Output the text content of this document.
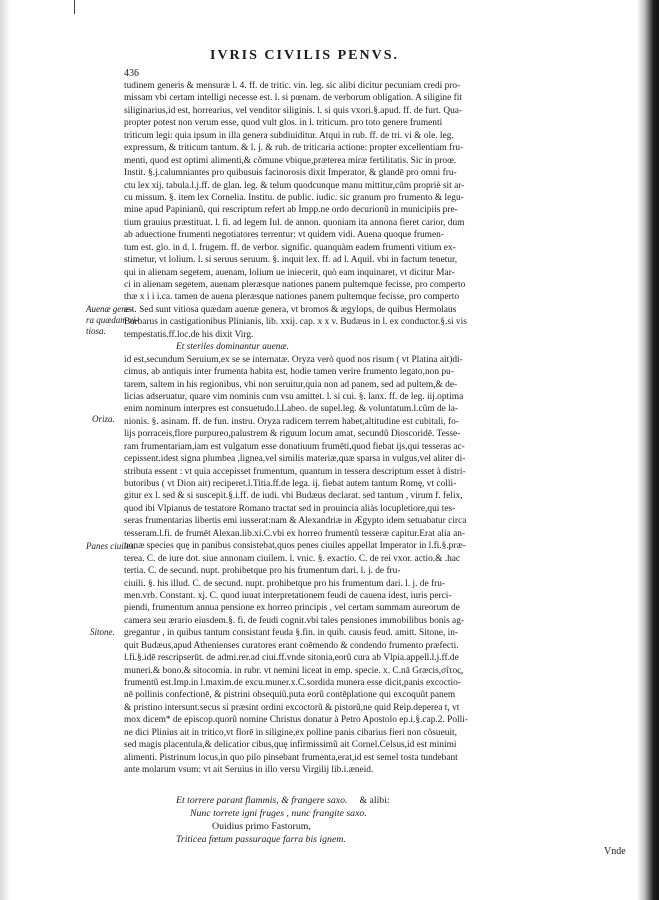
IVRIS CIVILIS PENVS.
436
Auenæ gene-
ra quædam vi-
tiosa.
Oriza.
Panes ciuiles.
Sitone.
tudinem generis & mensuræ l. 4. ff. de tritic. vin. leg. sic alibi dicitur pecuniam credi pro-
missam vbi certam intelligi necesse est. l. si pœnam. de verborum obligation. A siligine fit
siliginarius,id est, horrearius, vel venditor siliginis. l. si quis vxori.§.apud. ff. de furt. Qua-
propter potest non verum esse, quod vult glos. in l. triticum. pro toto genere frumenti
triticum legi: quia ipsum in illa genera subdiuiditur. Atqui in rub. ff. de tri. vi & ole. leg.
expressum, & triticum tantum. & l. j. & rub. de triticaria actione: propter excellentiam fru-
menti, quod est optimi alimenti,& cõmune vbique,præterea miræ fertilitatis. Sic in proœ.
Instit. §.j.calumniantes pro quibusuis facinorosis dixit Imperator, & glandē pro omni fru-
ctu lex xij. tabula.l.j.ff. de glan. leg. & telum quodcunque manu mittitur,cũm propriè sit ar-
cu missum. §. item lex Cornelia. Institu. de public. iudic. sic granum pro frumento & legu-
mine apud Papinianũ, qui rescriptum refert ab Impp.ne ordo decurionũ in municipiis pre-
tium grauius præstituat. l. fi. ad legem Iul. de annon. quoniam ita annona fieret carior, dum
ab aduectione frumenti negotiatores terrentur: vt quidem vidi. Auena quoque frumen-
tum est. glo. in d. l. frugem. ff. de verbor. signific. quanquàm eadem frumenti vitium ex-
stimetur, vt lolium. l. si seruus seruum. §. inquit lex. ff. ad l. Aquil. vbi in factum tenetur,
qui in alienam segetem, auenam, lolium ue iniecerit, quò eam inquinaret, vt dicitur Mar-
ci in alienam segetem, auenam pleræsque nationes panem pultemque fecisse, pro comperto
thæ x i i i.ca. tamen de auena pleræsque nationes panem pultemque fecisse, pro comperto
est. Sed sunt vitiosa quædam auenæ genera, vt bromos & ægylops, de quibus Hermolaus
Barbarus in castigationibus Plinianis, lib. xxij. cap. x x v. Budæus in l. ex conductor.§.si vis
tempestatis.ff.loc.de his dixit Virg.
Et steriles dominantur auenæ.
id est,secundum Seruium,ex se se internatæ. Oryza verò quod nos risum ( vt Platina ait)di-
cimus, ab antiquis inter frumenta habita est, hodie tamen verire frumento legato,non pu-
tarem, saltem in his regionibus, vbi non seruitur,quia non ad panem, sed ad pultem,& de-
licias adseruatur, quare vim nominis cum vsu amittet. l. si cui. §. lanx. ff. de leg. iij.optima
enim nominum interpres est consuetudo.l.Labeo. de supel.leg. & voluntatum.l.cũm de la-
nionis. §. asinam. ff. de fun. instru. Oryza radicem terrem habet,altitudine est cubitali, fo-
lijs porraceis,flore purpureo,palustrem & riguum locum amat, secundũ Dioscoridē. Tesse-
ram frumentariam,iam est vulgatum esse donatiuum frumēti,quod fiebat ijs,qui tesseras ac-
cepissent.idest signa plumbea ,lignea,vel similis materiæ,quæ sparsa in vulgus,vel aliter di-
stributa essent : vt quia accepisset frumentum, quantum in tessera descriptum esset à distri-
butoribus ( vt Dion ait) reciperet.l.Titia.ff.de lega. ij. fiebat autem tantum Romę, vt colli-
gitur ex l. sed & si suscepit.§.i.ff. de iudi. vbi Budæus declarat. sed tantum , virum f. felix,
quod ibi Vlpianus de testatore Romano tractat sed in prouincia aliàs locupletiore,qui tes-
seras frumentarias libertis emi iusserat:nam & Alexandriæ in Ægypto idem setuabatur circa
tesseram.l.fi. de frumēt Alexan.lib.xi.C.vbi ex horreo frumentũ tesseræ capitur.Erat alia an-
nonæ species quę in panibus consistebat,quos penes ciuiles appellat Imperator in l.fi.§.præ-
terea. C. de iure dot. siue annonam ciuilem. l. vnic. §. exactio. C. de rei vxor. actio.& .hac
tertia. C. de secund. nupt. prohibetque pro his frumentum dari. l. j. de fru-
ciuili. §. his illud. C. de secund. nupt. prohibetque pro his frumentum dari. l. j. de fru-
men.vrb. Constant. xj. C. quod iuuat interpretationem feudi de cauena idest, iuris perci-
piendi, frumentum annua pensione ex horreo principis , vel certam summam aureorum de
camera seu ærario eiusdem.§. fi. de feudi cognit.vbi tales pensiones immobilibus bonis ag-
gregantur , in quibus tantum consistant feuda §.fin. in quib. causis feud. amitt. Sitone, in-
quit Budæus,apud Athenienses curatores erant coēmendo & condendo frumento præfecti.
l.fi.§.idē rescripserūt. de admi.rer.ad ciui.ff.vnde sitonia,eorũ cura ab Vlpia.appell.l.j.ff.de
muneri.& bono.& sitocomia. in rubr. vt nemini liceat in emp. specie. x. C.nā Græcis,σῖτος,
frumentũ est.Imp.in l.maxim.de excu.muner.x.C.sordida munera esse dicit,panis excoctio-
nē pollinis confectionē, & pistrini obsequiũ.puta eorũ contēplatione qui excoquũt panem
& pristino intersunt.secus si præsint ordini excoctorũ & pistorũ,ne quid Reip.deperea t, vt
mox dicem* de episcop.quorũ nomine Christus donatur à Petro Apostolo ep.i.§.cap.2. Polli-
ne dici Plinius ait in tritico,vt florē in siligine,ex polline panis cibarius fieri non cõsueuit,
sed magis placentula,& delicatior cibus,quę infirmissimũ ait Cornel.Celsus,id est minimi
alimenti. Pistrinum locus,in quo pilo pinsebant frumenta,erat,id est semel tosta tundebant
ante molarum vsum: vt ait Seruius in illo versu Virgilij lib.i.æneid.
Et torrere parant flammis, & frangere saxo. & alibi:
Nunc torrete igni fruges , nunc frangite saxo.
Ouidius primo Fastorum,
Triticea fœtum passuraque farra bis ignem.
Vnde
